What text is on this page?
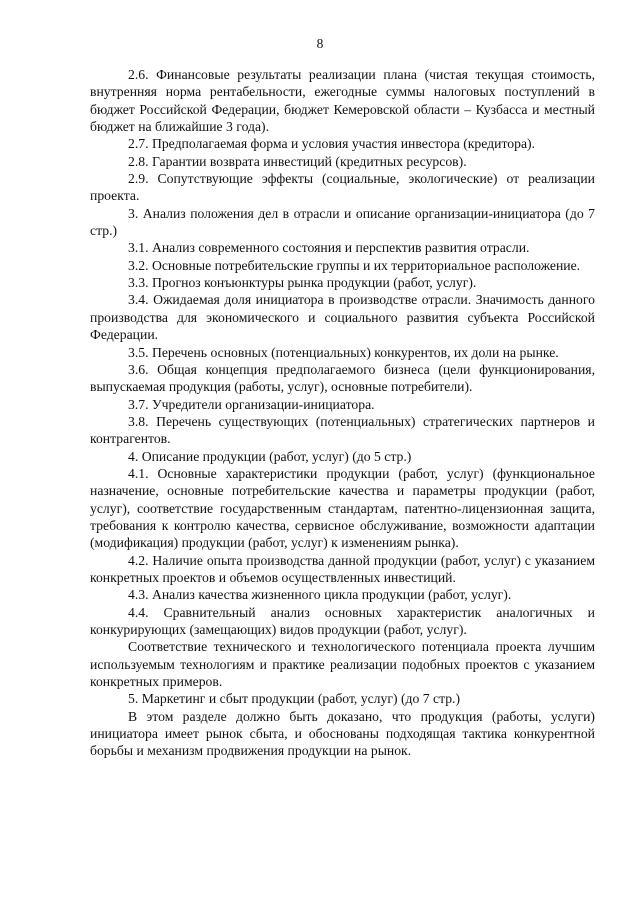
8

2.6. Финансовые результаты реализации плана (чистая текущая стоимость, внутренняя норма рентабельности, ежегодные суммы налоговых поступлений в бюджет Российской Федерации, бюджет Кемеровской области – Кузбасса и местный бюджет на ближайшие 3 года).

2.7. Предполагаемая форма и условия участия инвестора (кредитора).

2.8. Гарантии возврата инвестиций (кредитных ресурсов).

2.9. Сопутствующие эффекты (социальные, экологические) от реализации проекта.

3. Анализ положения дел в отрасли и описание организации-инициатора (до 7 стр.)

3.1. Анализ современного состояния и перспектив развития отрасли.

3.2. Основные потребительские группы и их территориальное расположение.

3.3. Прогноз конъюнктуры рынка продукции (работ, услуг).

3.4. Ожидаемая доля инициатора в производстве отрасли. Значимость данного производства для экономического и социального развития субъекта Российской Федерации.

3.5. Перечень основных (потенциальных) конкурентов, их доли на рынке.

3.6. Общая концепция предполагаемого бизнеса (цели функционирования, выпускаемая продукция (работы, услуг), основные потребители).

3.7. Учредители организации-инициатора.

3.8. Перечень существующих (потенциальных) стратегических партнеров и контрагентов.

4. Описание продукции (работ, услуг) (до 5 стр.)

4.1. Основные характеристики продукции (работ, услуг) (функциональное назначение, основные потребительские качества и параметры продукции (работ, услуг), соответствие государственным стандартам, патентно-лицензионная защита, требования к контролю качества, сервисное обслуживание, возможности адаптации (модификация) продукции (работ, услуг) к изменениям рынка).

4.2. Наличие опыта производства данной продукции (работ, услуг) с указанием конкретных проектов и объемов осуществленных инвестиций.

4.3. Анализ качества жизненного цикла продукции (работ, услуг).

4.4. Сравнительный анализ основных характеристик аналогичных и конкурирующих (замещающих) видов продукции (работ, услуг).

Соответствие технического и технологического потенциала проекта лучшим используемым технологиям и практике реализации подобных проектов с указанием конкретных примеров.

5. Маркетинг и сбыт продукции (работ, услуг) (до 7 стр.)

В этом разделе должно быть доказано, что продукция (работы, услуги) инициатора имеет рынок сбыта, и обоснованы подходящая тактика конкурентной борьбы и механизм продвижения продукции на рынок.
